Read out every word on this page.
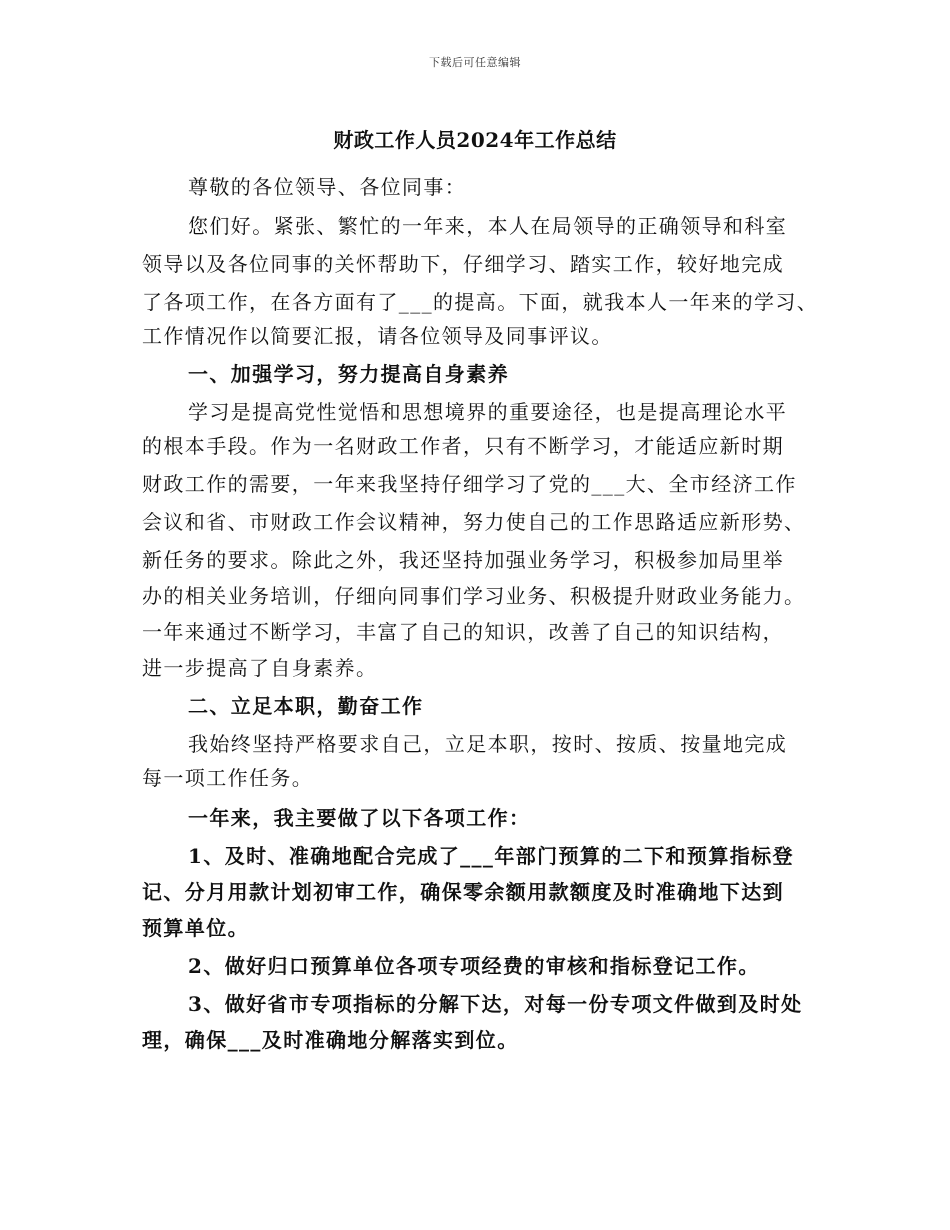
下载后可任意编辑
财政工作人员2024年工作总结
尊敬的各位领导、各位同事：
您们好。紧张、繁忙的一年来，本人在局领导的正确领导和科室
领导以及各位同事的关怀帮助下，仔细学习、踏实工作，较好地完成
了各项工作，在各方面有了___的提高。下面，就我本人一年来的学习、
工作情况作以简要汇报，请各位领导及同事评议。
一、加强学习，努力提高自身素养
学习是提高党性觉悟和思想境界的重要途径，也是提高理论水平
的根本手段。作为一名财政工作者，只有不断学习，才能适应新时期
财政工作的需要，一年来我坚持仔细学习了党的___大、全市经济工作
会议和省、市财政工作会议精神，努力使自己的工作思路适应新形势、
新任务的要求。除此之外，我还坚持加强业务学习，积极参加局里举
办的相关业务培训，仔细向同事们学习业务、积极提升财政业务能力。
一年来通过不断学习，丰富了自己的知识，改善了自己的知识结构，
进一步提高了自身素养。
二、立足本职，勤奋工作
我始终坚持严格要求自己，立足本职，按时、按质、按量地完成
每一项工作任务。
一年来，我主要做了以下各项工作：
1、及时、准确地配合完成了___年部门预算的二下和预算指标登
记、分月用款计划初审工作，确保零余额用款额度及时准确地下达到
预算单位。
2、做好归口预算单位各项专项经费的审核和指标登记工作。
3、做好省市专项指标的分解下达，对每一份专项文件做到及时处
理，确保___及时准确地分解落实到位。
